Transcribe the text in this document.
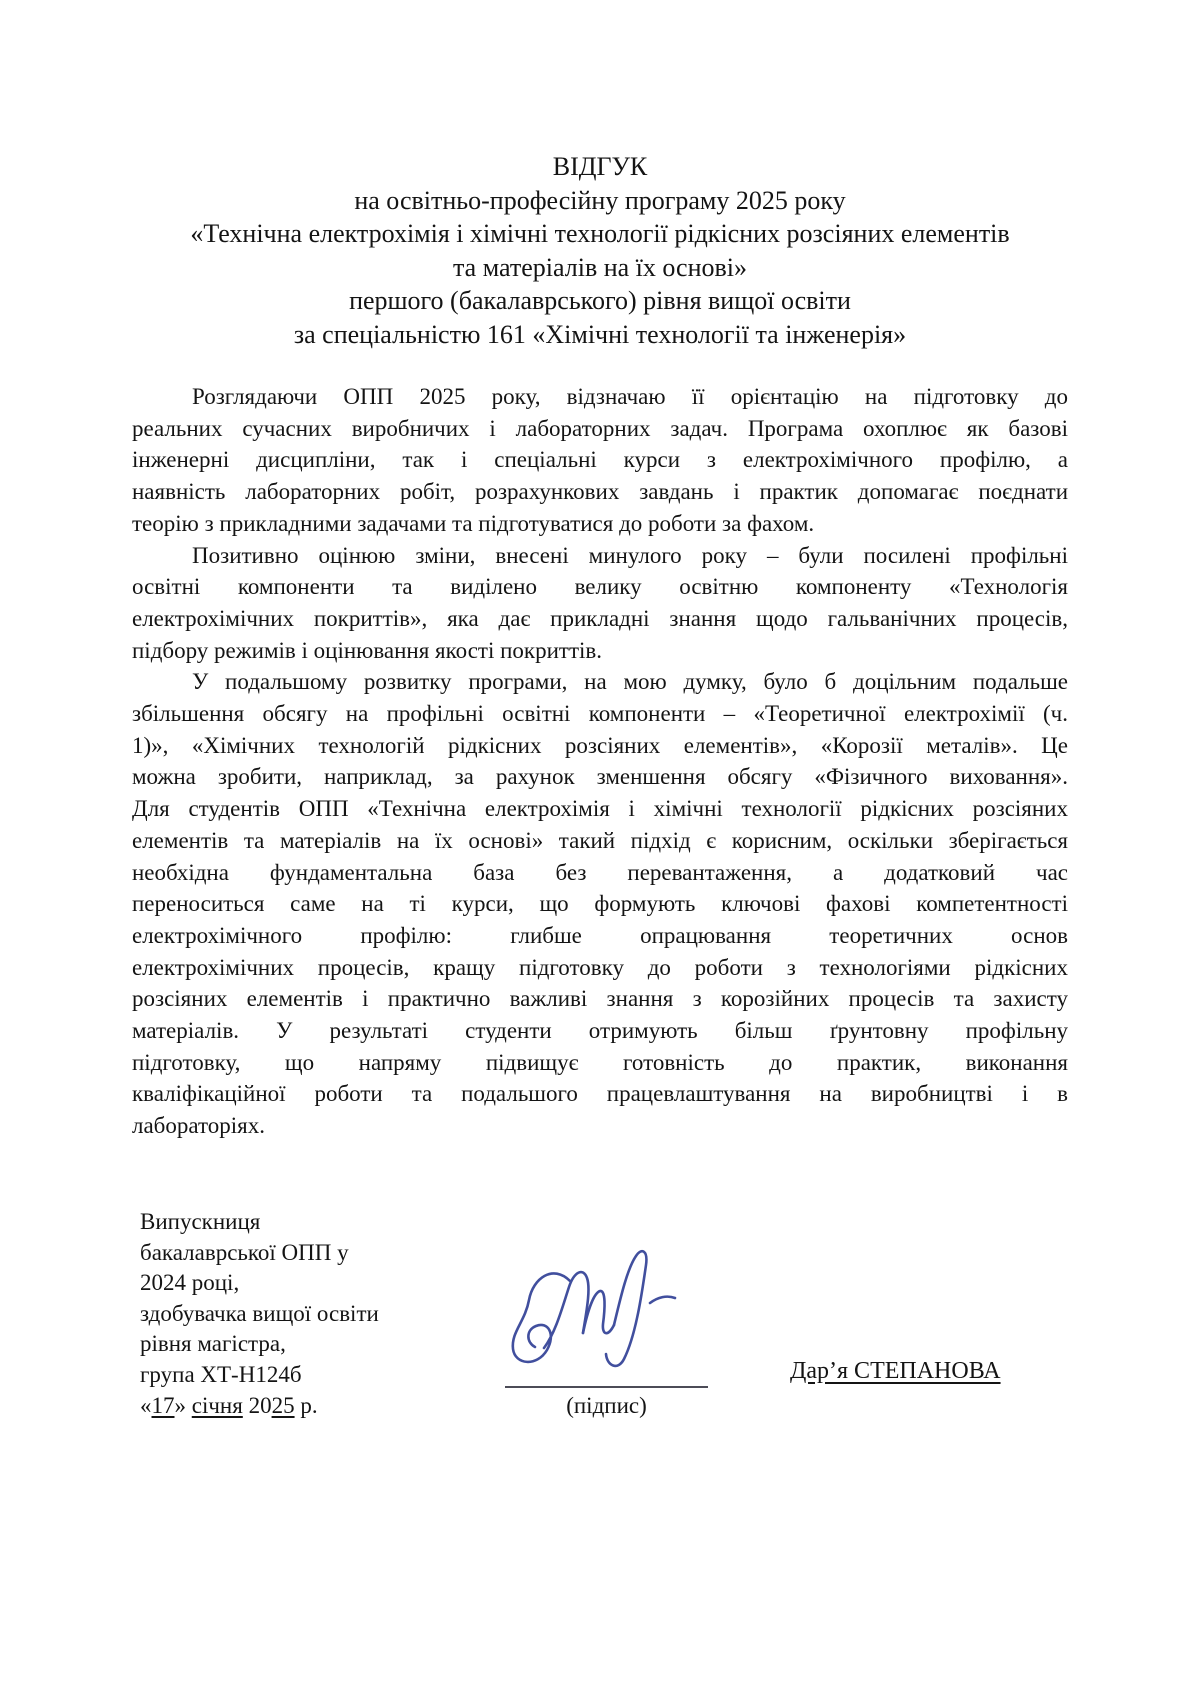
ВІДГУК
на освітньо-професійну програму 2025 року
«Технічна електрохімія і хімічні технології рідкісних розсіяних елементів
та матеріалів на їх основі»
першого (бакалаврського) рівня вищої освіти
за спеціальністю 161 «Хімічні технології та інженерія»
Розглядаючи ОПП 2025 року, відзначаю її орієнтацію на підготовку до
реальних сучасних виробничих і лабораторних задач. Програма охоплює як базові
інженерні дисципліни, так і спеціальні курси з електрохімічного профілю, а
наявність лабораторних робіт, розрахункових завдань і практик допомагає поєднати
теорію з прикладними задачами та підготуватися до роботи за фахом.
Позитивно оцінюю зміни, внесені минулого року – були посилені профільні
освітні компоненти та виділено велику освітню компоненту «Технологія
електрохімічних покриттів», яка дає прикладні знання щодо гальванічних процесів,
підбору режимів і оцінювання якості покриттів.
У подальшому розвитку програми, на мою думку, було б доцільним подальше
збільшення обсягу на профільні освітні компоненти – «Теоретичної електрохімії (ч.
1)», «Хімічних технологій рідкісних розсіяних елементів», «Корозії металів». Це
можна зробити, наприклад, за рахунок зменшення обсягу «Фізичного виховання».
Для студентів ОПП «Технічна електрохімія і хімічні технології рідкісних розсіяних
елементів та матеріалів на їх основі» такий підхід є корисним, оскільки зберігається
необхідна фундаментальна база без перевантаження, а додатковий час
переноситься саме на ті курси, що формують ключові фахові компетентності
електрохімічного профілю: глибше опрацювання теоретичних основ
електрохімічних процесів, кращу підготовку до роботи з технологіями рідкісних
розсіяних елементів і практично важливі знання з корозійних процесів та захисту
матеріалів. У результаті студенти отримують більш ґрунтовну профільну
підготовку, що напряму підвищує готовність до практик, виконання
кваліфікаційної роботи та подальшого працевлаштування на виробництві і в
лабораторіях.
Випускниця
бакалаврської ОПП у
2024 році,
здобувачка вищої освіти
рівня магістра,
група ХТ-Н124б
«17» січня 2025 р.	(підпис)
Дар’я СТЕПАНОВА
